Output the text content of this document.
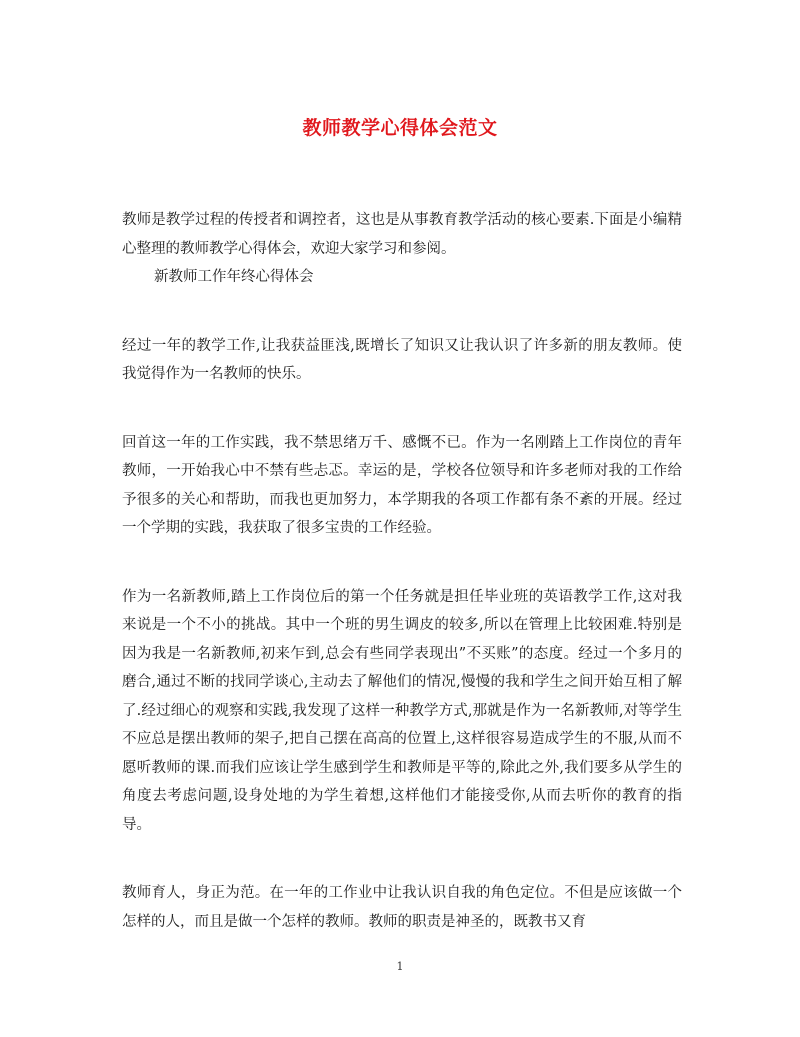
教师教学心得体会范文

教师是教学过程的传授者和调控者，这也是从事教育教学活动的核心要素.下面是小编精心整理的教师教学心得体会，欢迎大家学习和参阅。

新教师工作年终心得体会

经过一年的教学工作,让我获益匪浅,既增长了知识又让我认识了许多新的朋友教师。使我觉得作为一名教师的快乐。

回首这一年的工作实践，我不禁思绪万千、感慨不已。作为一名刚踏上工作岗位的青年教师，一开始我心中不禁有些忐忑。幸运的是，学校各位领导和许多老师对我的工作给予很多的关心和帮助，而我也更加努力，本学期我的各项工作都有条不紊的开展。经过一个学期的实践，我获取了很多宝贵的工作经验。

作为一名新教师,踏上工作岗位后的第一个任务就是担任毕业班的英语教学工作,这对我来说是一个不小的挑战。其中一个班的男生调皮的较多,所以在管理上比较困难.特别是因为我是一名新教师,初来乍到,总会有些同学表现出”不买账”的态度。经过一个多月的磨合,通过不断的找同学谈心,主动去了解他们的情况,慢慢的我和学生之间开始互相了解了.经过细心的观察和实践,我发现了这样一种教学方式,那就是作为一名新教师,对等学生不应总是摆出教师的架子,把自己摆在高高的位置上,这样很容易造成学生的不服,从而不愿听教师的课.而我们应该让学生感到学生和教师是平等的,除此之外,我们要多从学生的角度去考虑问题,设身处地的为学生着想,这样他们才能接受你,从而去听你的教育的指导。

教师育人，身正为范。在一年的工作业中让我认识自我的角色定位。不但是应该做一个怎样的人，而且是做一个怎样的教师。教师的职责是神圣的，既教书又育

1
